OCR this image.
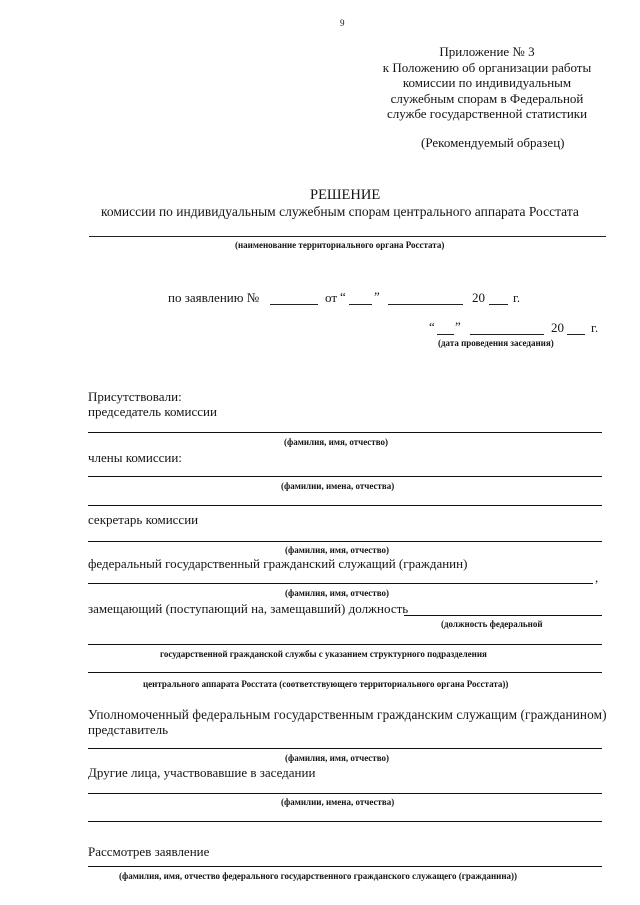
9
Приложение № 3
к Положению об организации работы
комиссии по индивидуальным
служебным спорам в Федеральной
службе государственной статистики
(Рекомендуемый образец)
РЕШЕНИЕ
комиссии по индивидуальным служебным спорам центрального аппарата Росстата
(наименование территориального органа Росстата)
по заявлению №	от “ ”	20 г.
“ ”	20 г.
(дата проведения заседания)
Присутствовали:
председатель комиссии
(фамилия, имя, отчество)
члены комиссии:
(фамилии, имена, отчества)
секретарь комиссии
(фамилия, имя, отчество)
федеральный государственный гражданский служащий (гражданин)
,
(фамилия, имя, отчество)
замещающий (поступающий на, замещавший) должность
(должность федеральной
государственной гражданской службы с указанием структурного подразделения
центрального аппарата Росстата (соответствующего территориального органа Росстата))
Уполномоченный федеральным государственным гражданским служащим (гражданином)
представитель
(фамилия, имя, отчество)
Другие лица, участвовавшие в заседании
(фамилии, имена, отчества)
Рассмотрев заявление
(фамилия, имя, отчество федерального государственного гражданского служащего (гражданина))
